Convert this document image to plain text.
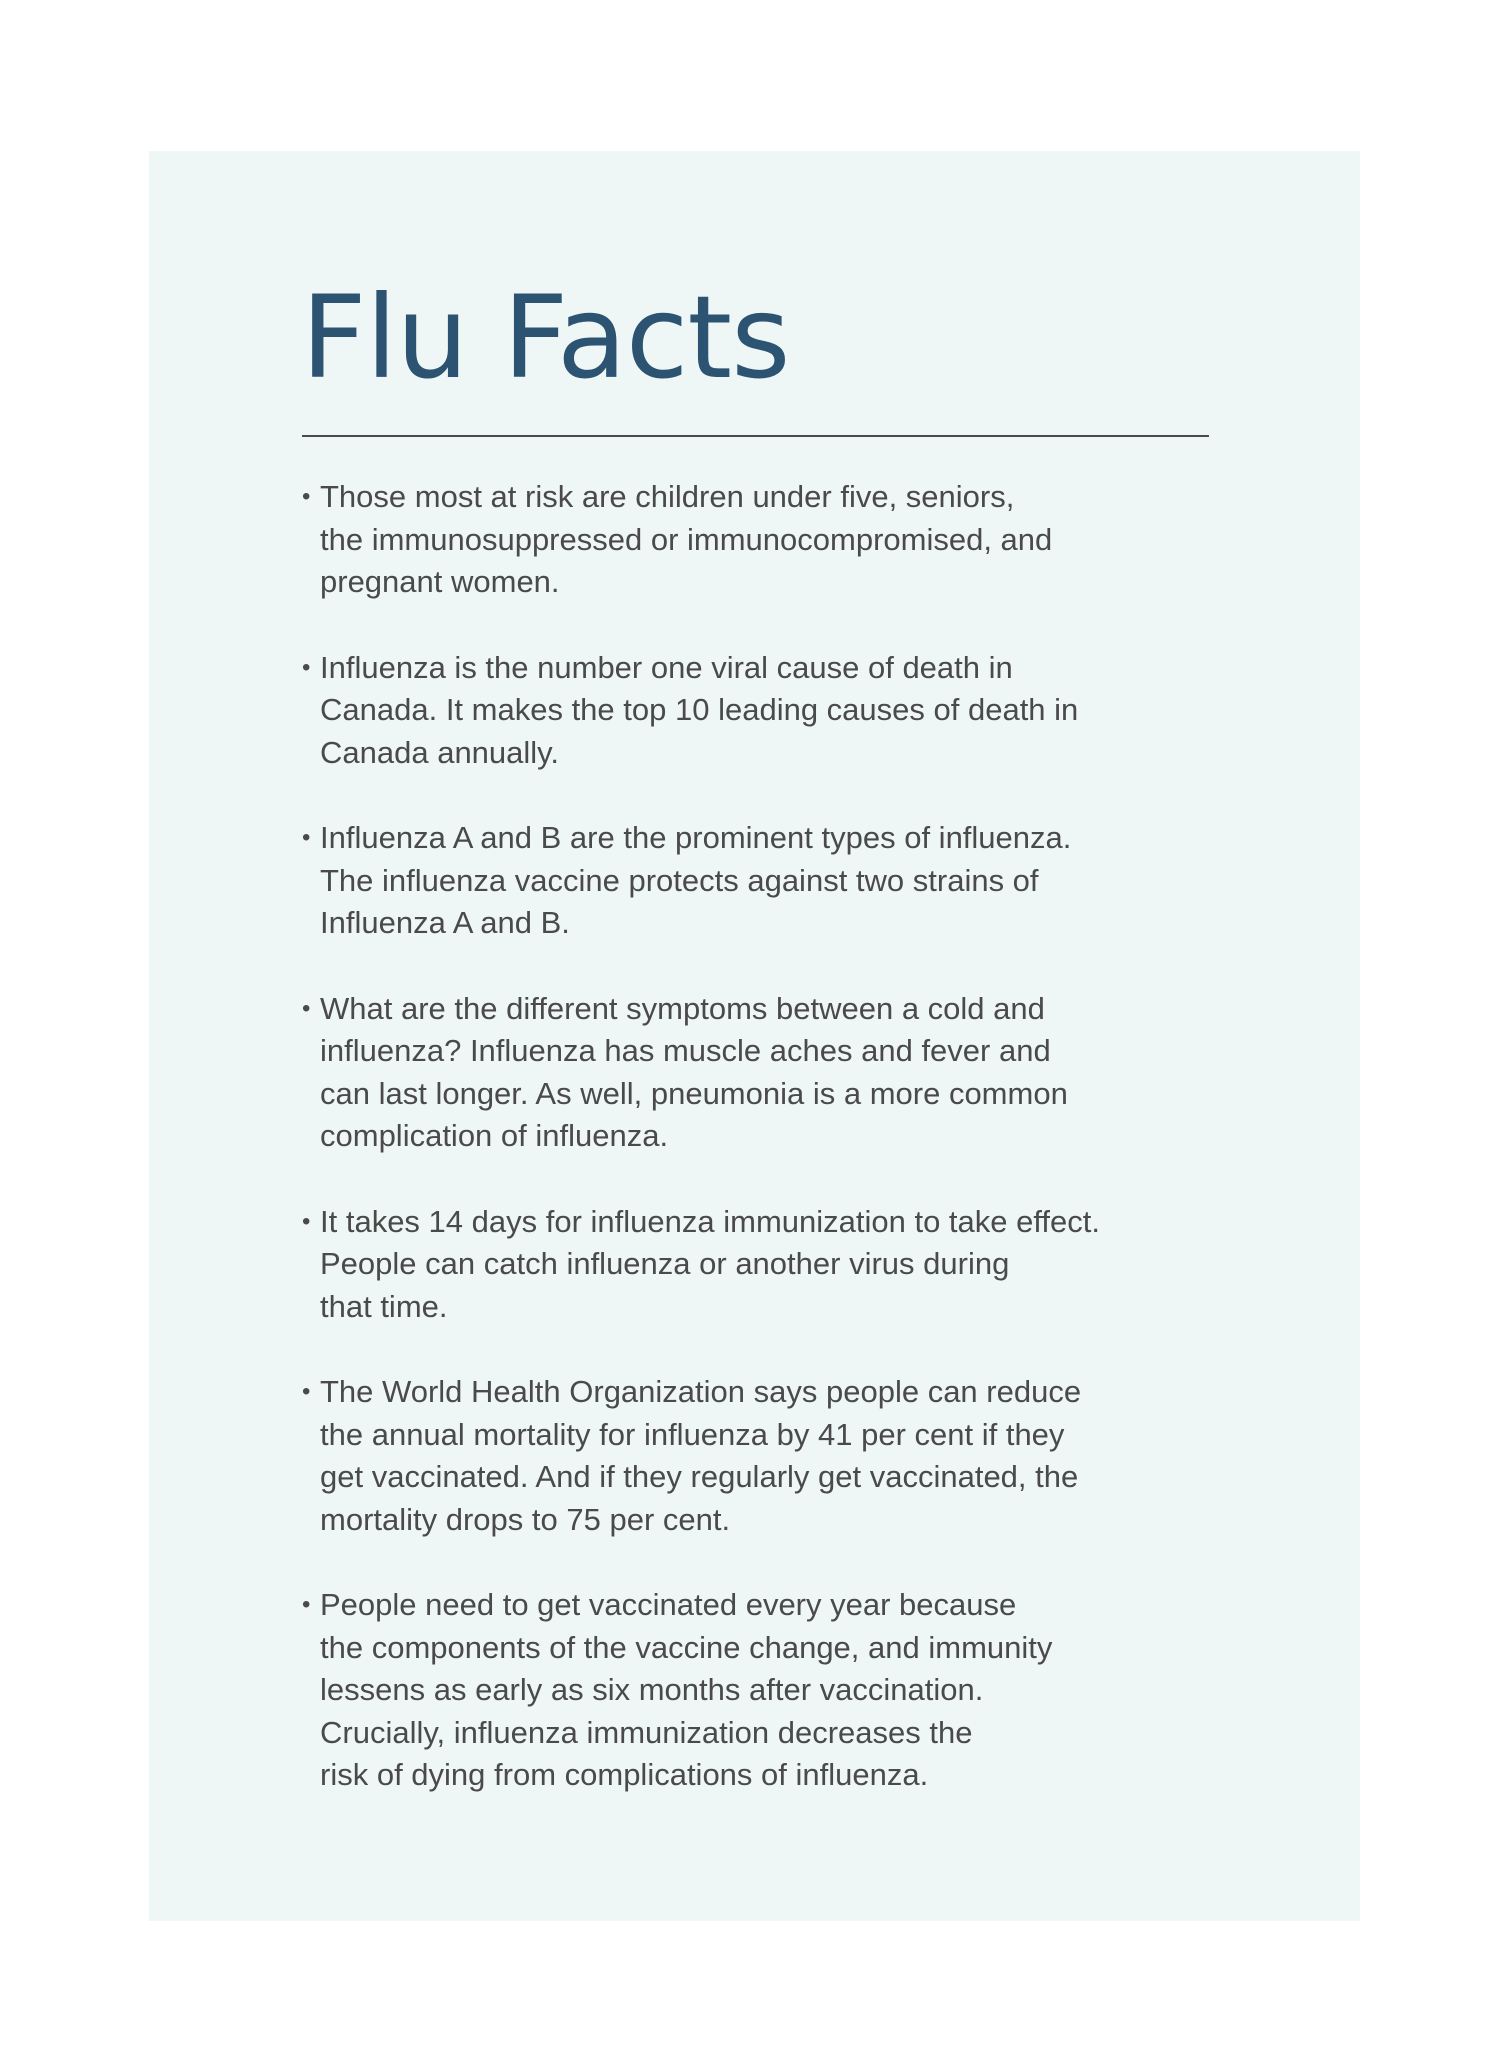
Flu Facts
• Those most at risk are children under five, seniors,
the immunosuppressed or immunocompromised, and
pregnant women.
• Influenza is the number one viral cause of death in
Canada. It makes the top 10 leading causes of death in
Canada annually.
• Influenza A and B are the prominent types of influenza.
The influenza vaccine protects against two strains of
Influenza A and B.
• What are the different symptoms between a cold and
influenza? Influenza has muscle aches and fever and
can last longer. As well, pneumonia is a more common
complication of influenza.
• It takes 14 days for influenza immunization to take effect.
People can catch influenza or another virus during
that time.
• The World Health Organization says people can reduce
the annual mortality for influenza by 41 per cent if they
get vaccinated. And if they regularly get vaccinated, the
mortality drops to 75 per cent.
• People need to get vaccinated every year because
the components of the vaccine change, and immunity
lessens as early as six months after vaccination.
Crucially, influenza immunization decreases the
risk of dying from complications of influenza.
